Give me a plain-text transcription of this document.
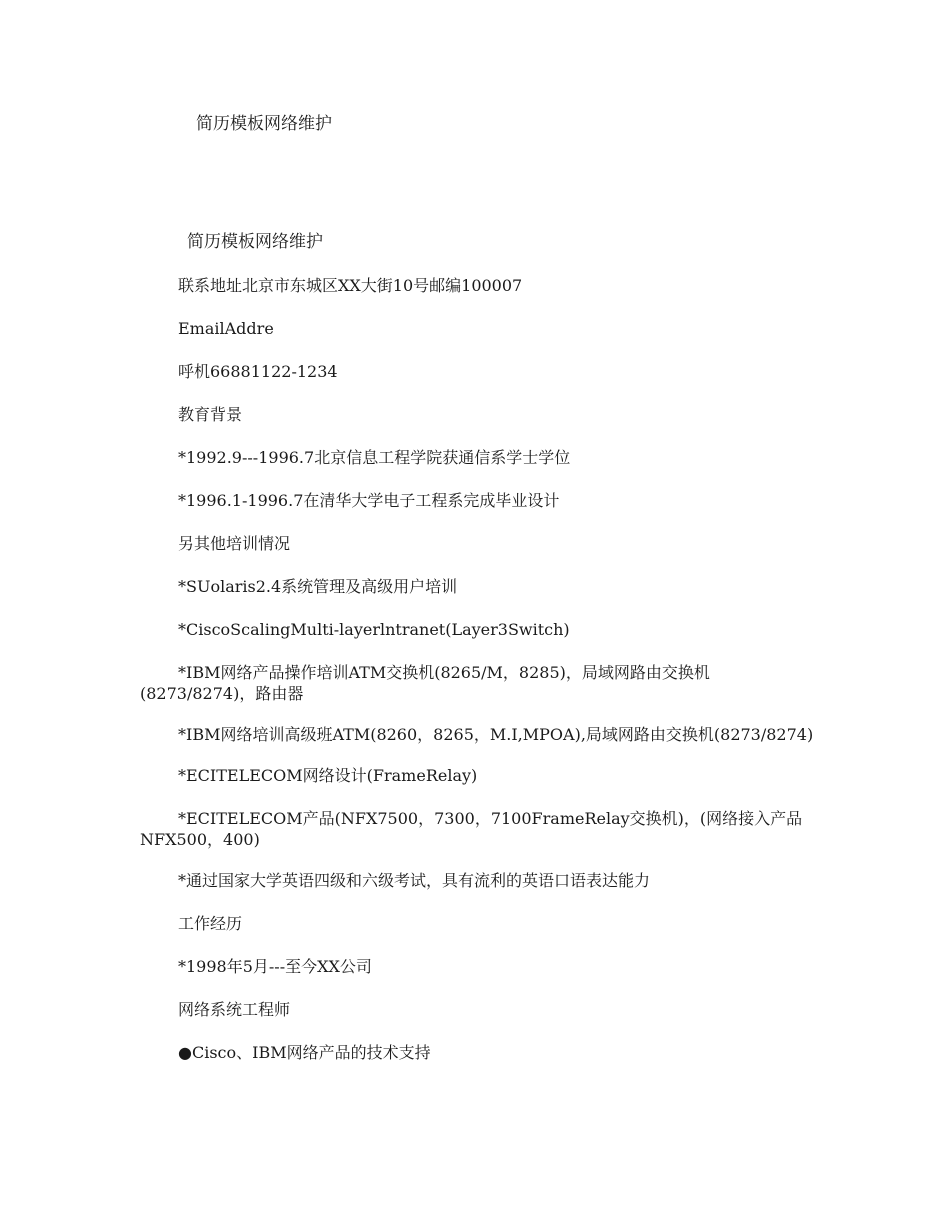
简历模板网络维护

简历模板网络维护

联系地址北京市东城区XX大街10号邮编100007

EmailAddre

呼机66881122-1234

教育背景

*1992.9---1996.7北京信息工程学院获通信系学士学位

*1996.1-1996.7在清华大学电子工程系完成毕业设计

另其他培训情况

*SUolaris2.4系统管理及高级用户培训

*CiscoScalingMulti-layerlntranet(Layer3Switch)

*IBM网络产品操作培训ATM交换机(8265/M，8285)，局域网路由交换机(8273/8274)，路由器

*IBM网络培训高级班ATM(8260，8265，M.I,MPOA),局域网路由交换机(8273/8274)

*ECITELECOM网络设计(FrameRelay)

*ECITELECOM产品(NFX7500，7300，7100FrameRelay交换机)，(网络接入产品NFX500，400)

*通过国家大学英语四级和六级考试，具有流利的英语口语表达能力

工作经历

*1998年5月---至今XX公司

网络系统工程师

●Cisco、IBM网络产品的技术支持
